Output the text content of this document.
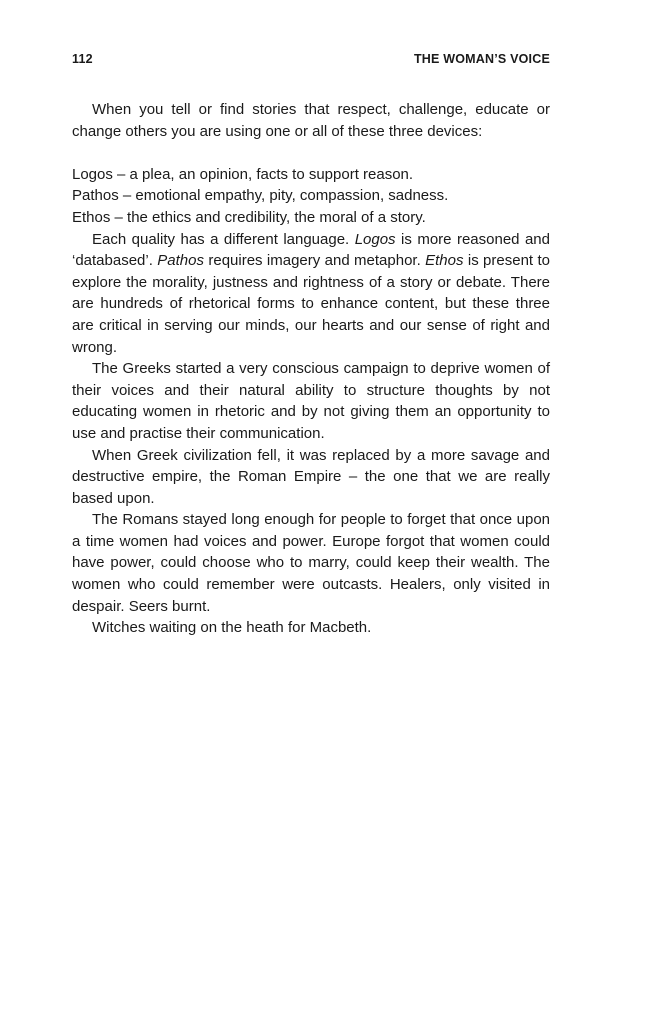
112	THE WOMAN’S VOICE

When you tell or find stories that respect, challenge, educate or change others you are using one or all of these three devices:

Logos – a plea, an opinion, facts to support reason.

Pathos – emotional empathy, pity, compassion, sadness.

Ethos – the ethics and credibility, the moral of a story.

Each quality has a different language. Logos is more reasoned and ‘databased’. Pathos requires imagery and metaphor. Ethos is present to explore the morality, justness and rightness of a story or debate. There are hundreds of rhetorical forms to enhance content, but these three are critical in serving our minds, our hearts and our sense of right and wrong.

The Greeks started a very conscious campaign to deprive women of their voices and their natural ability to structure thoughts by not educating women in rhetoric and by not giving them an opportunity to use and practise their communication.

When Greek civilization fell, it was replaced by a more savage and destructive empire, the Roman Empire – the one that we are really based upon.

The Romans stayed long enough for people to forget that once upon a time women had voices and power. Europe forgot that women could have power, could choose who to marry, could keep their wealth. The women who could remember were outcasts. Healers, only visited in despair. Seers burnt.

Witches waiting on the heath for Macbeth.
